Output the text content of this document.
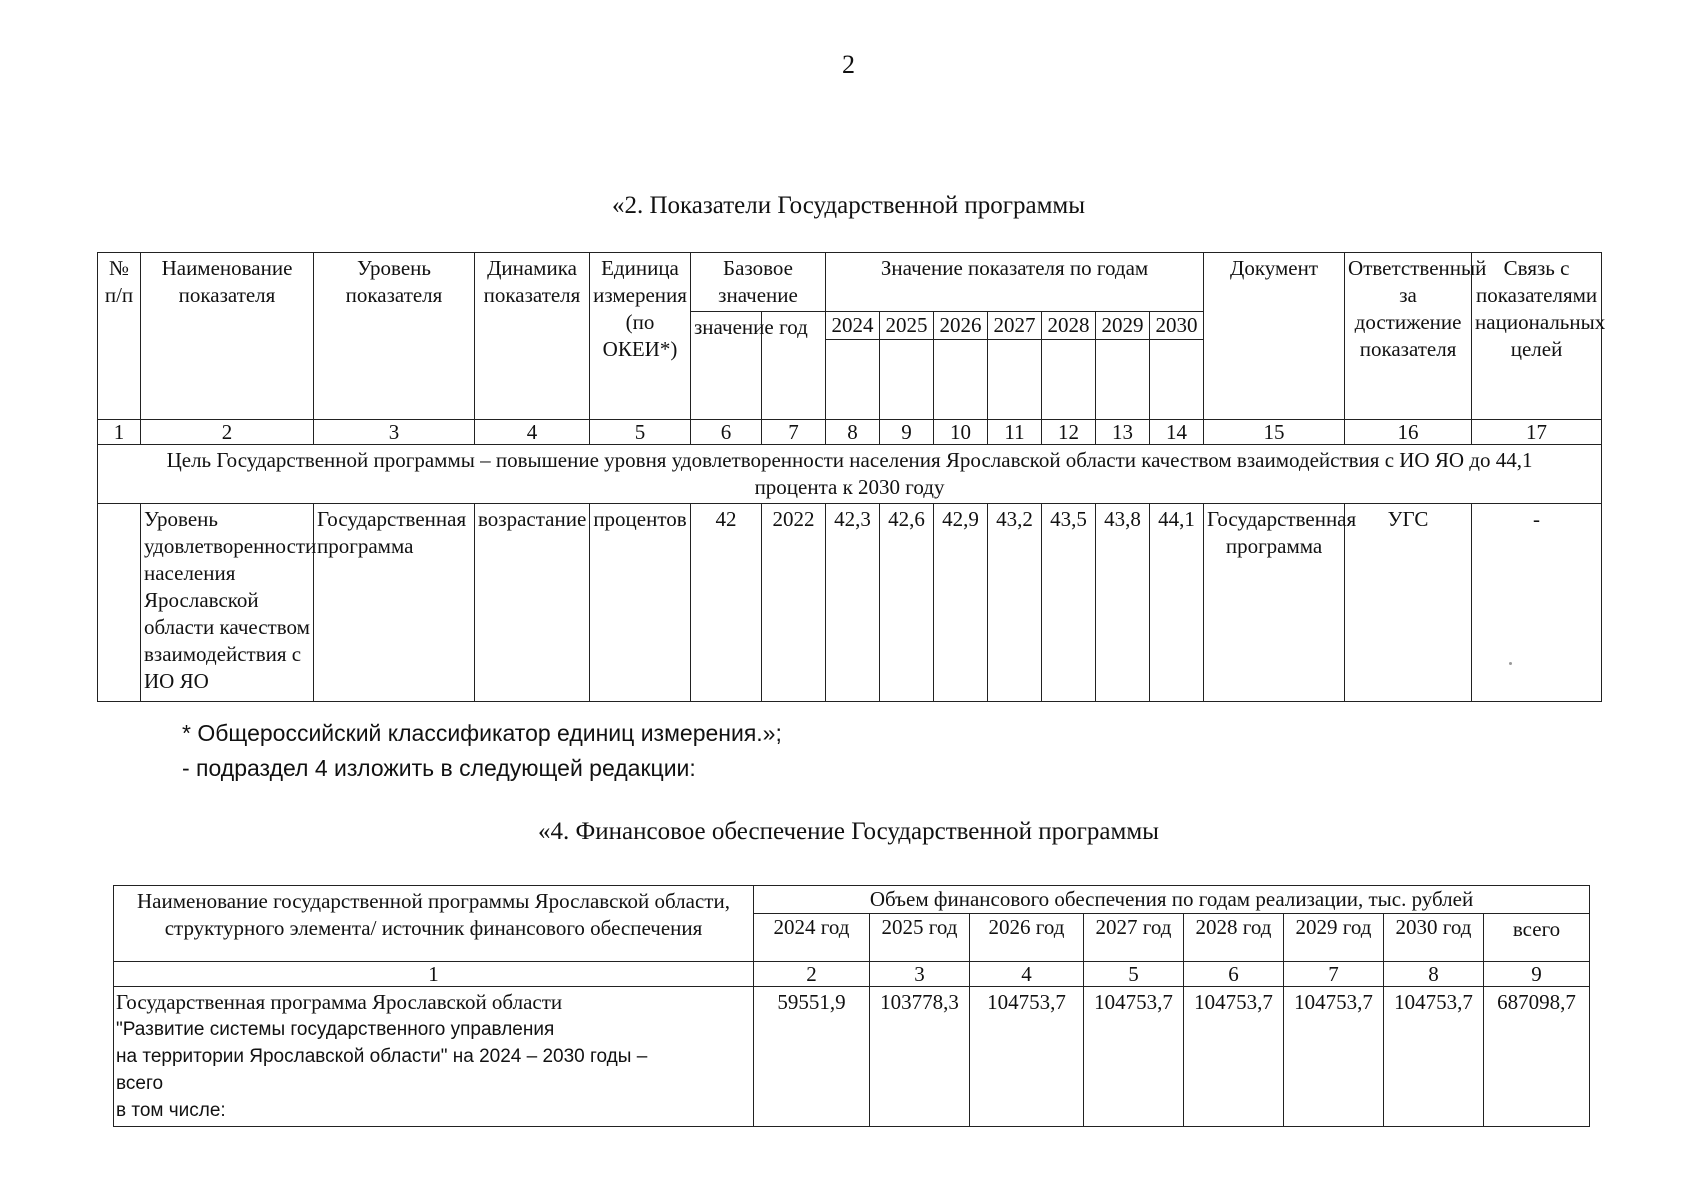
2
«2. Показатели Государственной программы
№ п/п	Наименование показателя	Уровень показателя	Динамика показателя	Единица измерения (по ОКЕИ*)	Базовое значение		Значение показателя по годам							Документ	Ответственный за достижение показателя	Связь с показателями национальных целей
					значение	год	2024	2025	2026	2027	2028	2029	2030			

1	2	3	4	5	6	7	8	9	10	11	12	13	14	15	16	17
Цель Государственной программы – повышение уровня удовлетворенности населения Ярославской области качеством взаимодействия с ИО ЯО до 44,1 процента к 2030 году																
	Уровень удовлетворенности населения Ярославской области качеством взаимодействия с ИО ЯО	Государственная программа	возрастание	процентов	42	2022	42,3	42,6	42,9	43,2	43,5	43,8	44,1	Государственная программа	УГС	-
* Общероссийский классификатор единиц измерения.»;
- подраздел 4 изложить в следующей редакции:
«4. Финансовое обеспечение Государственной программы
Наименование государственной программы Ярославской области, структурного элемента/ источник финансового обеспечения	Объем финансового обеспечения по годам реализации, тыс. рублей							
	2024 год	2025 год	2026 год	2027 год	2028 год	2029 год	2030 год	всего
1	2	3	4	5	6	7	8	9

Государственная программа Ярославской области
"Развитие системы государственного управления
на территории Ярославской области" на 2024 – 2030 годы –
всего
в том числе:	59551,9	103778,3	104753,7	104753,7	104753,7	104753,7	104753,7	687098,7
